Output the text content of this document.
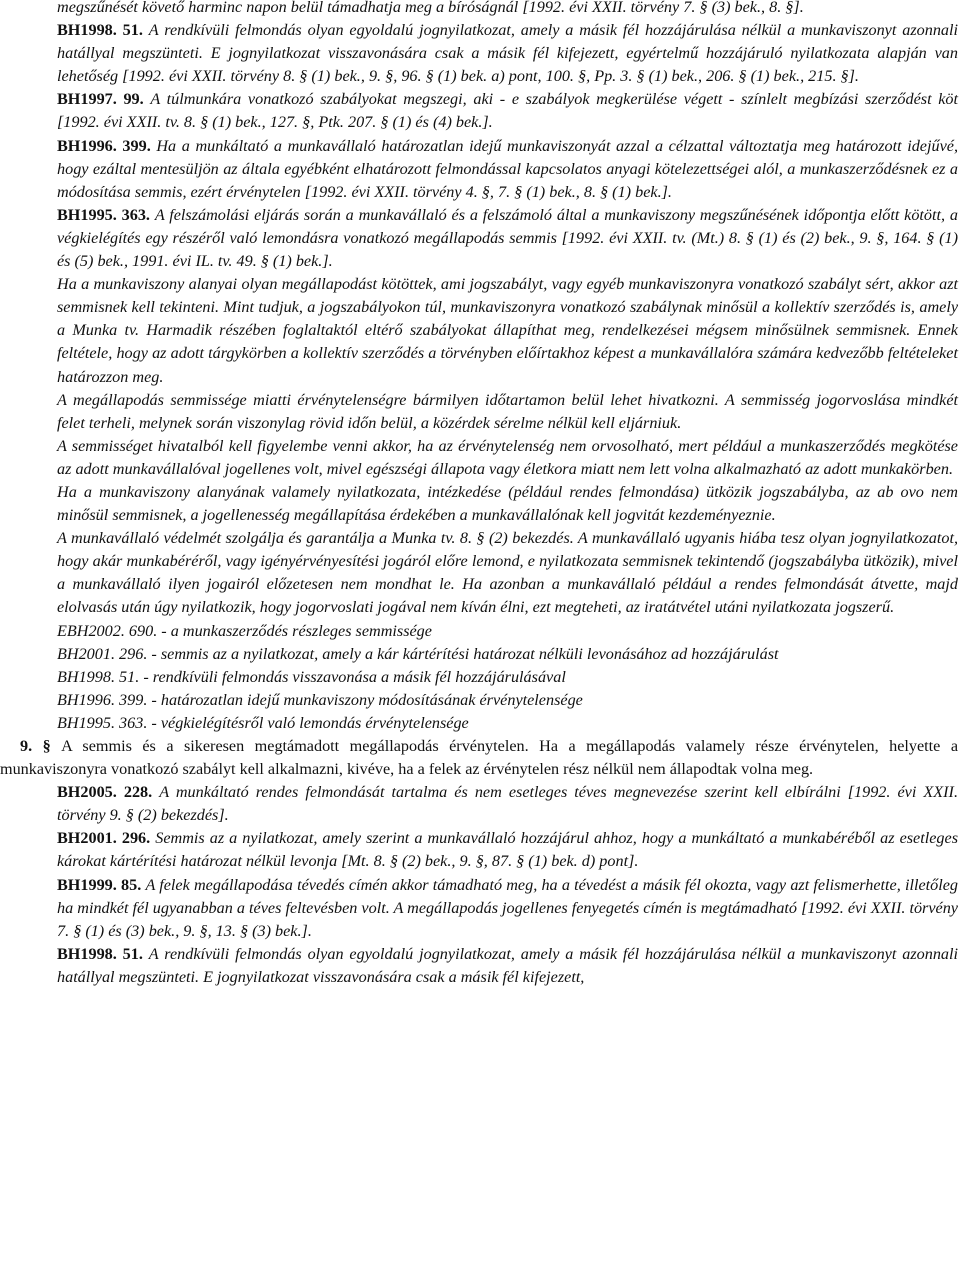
megszűnését követő harminc napon belül támadhatja meg a bíróságnál [1992. évi XXII. törvény 7. § (3) bek., 8. §].
BH1998. 51. A rendkívüli felmondás olyan egyoldalú jognyilatkozat, amely a másik fél hozzájárulása nélkül a munkaviszonyt azonnali hatállyal megszünteti. E jognyilatkozat visszavonására csak a másik fél kifejezett, egyértelmű hozzájáruló nyilatkozata alapján van lehetőség [1992. évi XXII. törvény 8. § (1) bek., 9. §, 96. § (1) bek. a) pont, 100. §, Pp. 3. § (1) bek., 206. § (1) bek., 215. §].
BH1997. 99. A túlmunkára vonatkozó szabályokat megszegi, aki - e szabályok megkerülése végett - színlelt megbízási szerződést köt [1992. évi XXII. tv. 8. § (1) bek., 127. §, Ptk. 207. § (1) és (4) bek.].
BH1996. 399. Ha a munkáltató a munkavállaló határozatlan idejű munkaviszonyát azzal a célzattal változtatja meg határozott idejűvé, hogy ezáltal mentesüljön az általa egyébként elhatározott felmondással kapcsolatos anyagi kötelezettségei alól, a munkaszerződésnek ez a módosítása semmis, ezért érvénytelen [1992. évi XXII. törvény 4. §, 7. § (1) bek., 8. § (1) bek.].
BH1995. 363. A felszámolási eljárás során a munkavállaló és a felszámoló által a munkaviszony megszűnésének időpontja előtt kötött, a végkielégítés egy részéről való lemondásra vonatkozó megállapodás semmis [1992. évi XXII. tv. (Mt.) 8. § (1) és (2) bek., 9. §, 164. § (1) és (5) bek., 1991. évi IL. tv. 49. § (1) bek.].
Ha a munkaviszony alanyai olyan megállapodást kötöttek, ami jogszabályt, vagy egyéb munkaviszonyra vonatkozó szabályt sért, akkor azt semmisnek kell tekinteni. Mint tudjuk, a jogszabályokon túl, munkaviszonyra vonatkozó szabálynak minősül a kollektív szerződés is, amely a Munka tv. Harmadik részében foglaltaktól eltérő szabályokat állapíthat meg, rendelkezései mégsem minősülnek semmisnek. Ennek feltétele, hogy az adott tárgykörben a kollektív szerződés a törvényben előírtakhoz képest a munkavállalóra számára kedvezőbb feltételeket határozzon meg.
A megállapodás semmissége miatti érvénytelenségre bármilyen időtartamon belül lehet hivatkozni. A semmisség jogorvoslása mindkét felet terheli, melynek során viszonylag rövid időn belül, a közérdek sérelme nélkül kell eljárniuk.
A semmisséget hivatalból kell figyelembe venni akkor, ha az érvénytelenség nem orvosolható, mert például a munkaszerződés megkötése az adott munkavállalóval jogellenes volt, mivel egészségi állapota vagy életkora miatt nem lett volna alkalmazható az adott munkakörben.
Ha a munkaviszony alanyának valamely nyilatkozata, intézkedése (például rendes felmondása) ütközik jogszabályba, az ab ovo nem minősül semmisnek, a jogellenesség megállapítása érdekében a munkavállalónak kell jogvitát kezdeményeznie.
A munkavállaló védelmét szolgálja és garantálja a Munka tv. 8. § (2) bekezdés. A munkavállaló ugyanis hiába tesz olyan jognyilatkozatot, hogy akár munkabéréről, vagy igényérvényesítési jogáról előre lemond, e nyilatkozata semmisnek tekintendő (jogszabályba ütközik), mivel a munkavállaló ilyen jogairól előzetesen nem mondhat le. Ha azonban a munkavállaló például a rendes felmondását átvette, majd elolvasás után úgy nyilatkozik, hogy jogorvoslati jogával nem kíván élni, ezt megteheti, az iratátvétel utáni nyilatkozata jogszerű.
EBH2002. 690. - a munkaszerződés részleges semmissége
BH2001. 296. - semmis az a nyilatkozat, amely a kár kártérítési határozat nélküli levonásához ad hozzájárulást
BH1998. 51. - rendkívüli felmondás visszavonása a másik fél hozzájárulásával
BH1996. 399. - határozatlan idejű munkaviszony módosításának érvénytelensége
BH1995. 363. - végkielégítésről való lemondás érvénytelensége
9. § A semmis és a sikeresen megtámadott megállapodás érvénytelen. Ha a megállapodás valamely része érvénytelen, helyette a munkaviszonyra vonatkozó szabályt kell alkalmazni, kivéve, ha a felek az érvénytelen rész nélkül nem állapodtak volna meg.
BH2005. 228. A munkáltató rendes felmondását tartalma és nem esetleges téves megnevezése szerint kell elbírálni [1992. évi XXII. törvény 9. § (2) bekezdés].
BH2001. 296. Semmis az a nyilatkozat, amely szerint a munkavállaló hozzájárul ahhoz, hogy a munkáltató a munkabéréből az esetleges károkat kártérítési határozat nélkül levonja [Mt. 8. § (2) bek., 9. §, 87. § (1) bek. d) pont].
BH1999. 85. A felek megállapodása tévedés címén akkor támadható meg, ha a tévedést a másik fél okozta, vagy azt felismerhette, illetőleg ha mindkét fél ugyanabban a téves feltevésben volt. A megállapodás jogellenes fenyegetés címén is megtámadható [1992. évi XXII. törvény 7. § (1) és (3) bek., 9. §, 13. § (3) bek.].
BH1998. 51. A rendkívüli felmondás olyan egyoldalú jognyilatkozat, amely a másik fél hozzájárulása nélkül a munkaviszonyt azonnali hatállyal megszünteti. E jognyilatkozat visszavonására csak a másik fél kifejezett,
